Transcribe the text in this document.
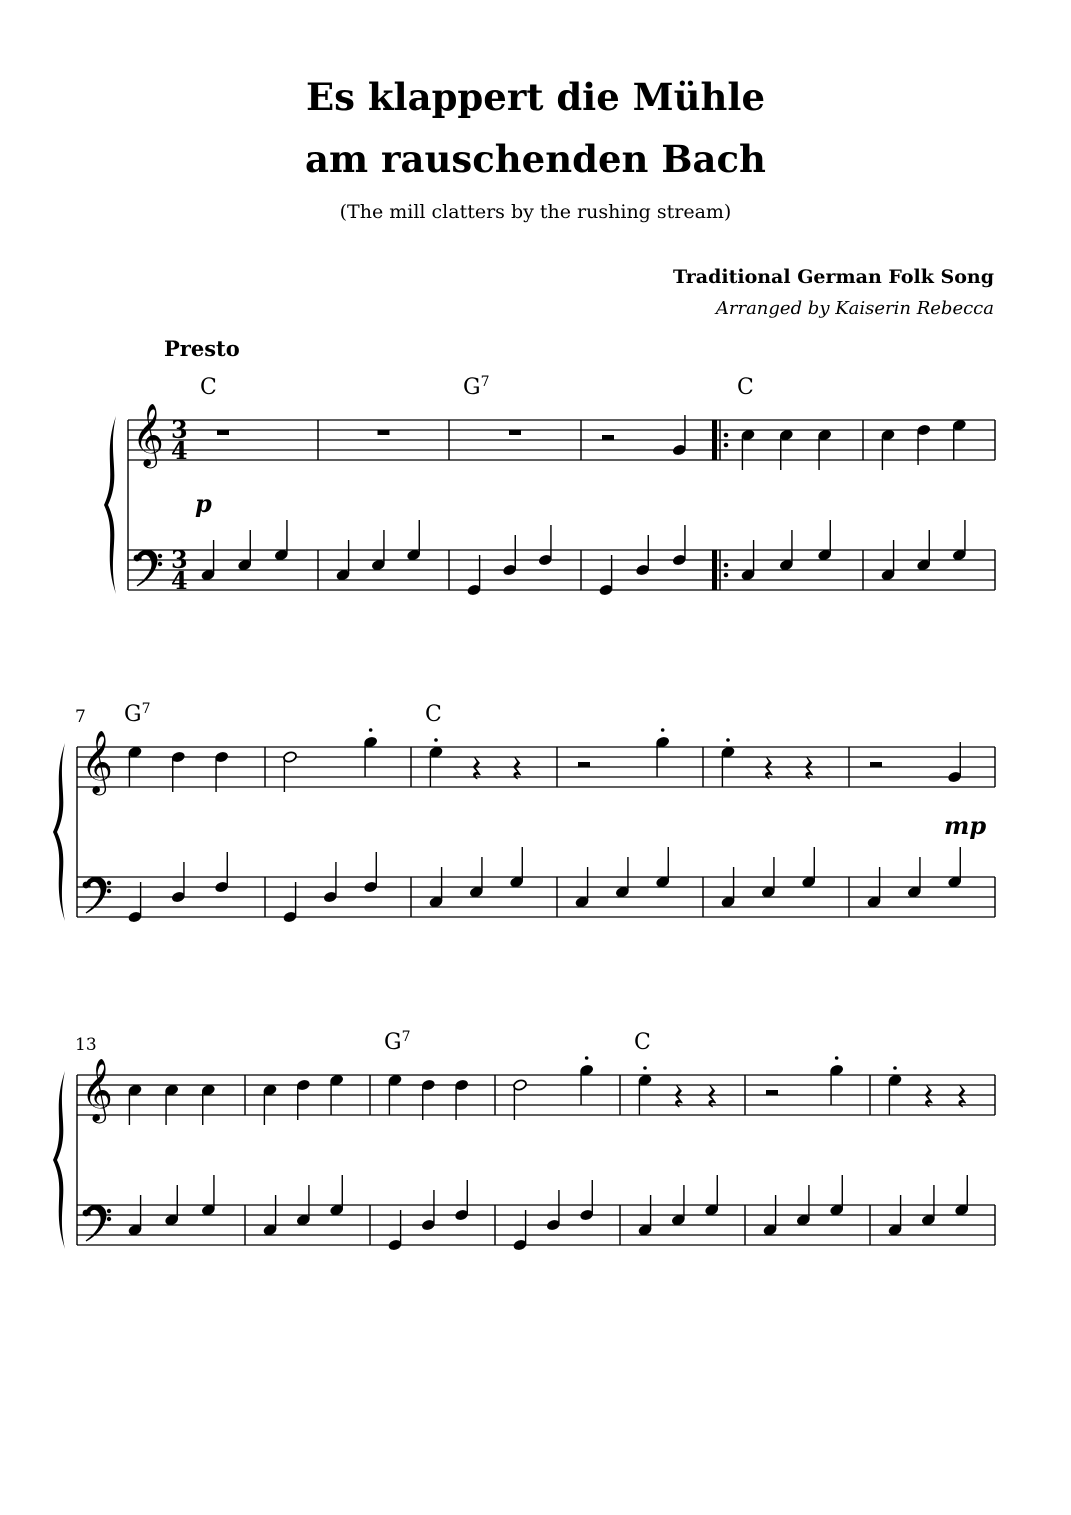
Es klappert die Mühle
am rauschenden Bach
(The mill clatters by the rushing stream)
Traditional German Folk Song
Arranged by Kaiserin Rebecca
Presto
𝄞 3
4
3
4
C	$G^7$	C
𝄞
7 $G^7$	C
𝄞
13	$G^7$	C
p
mp
